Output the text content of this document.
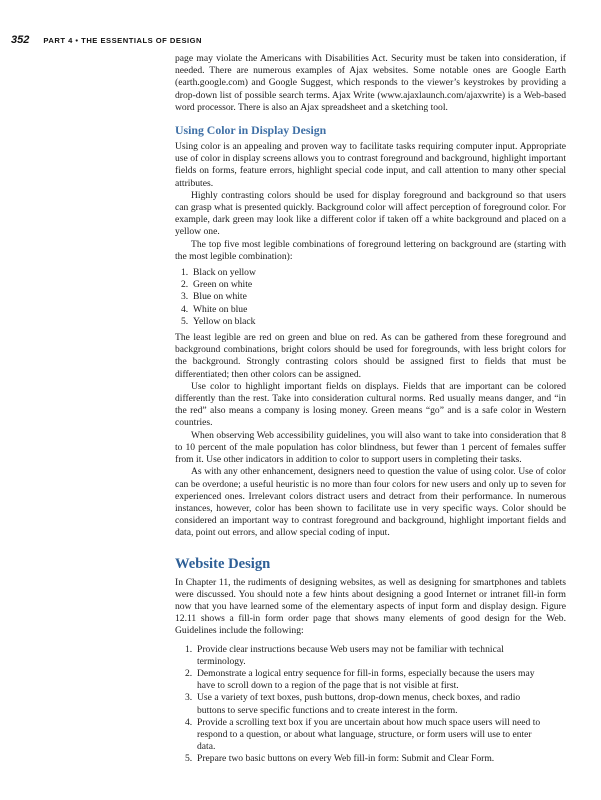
352 PART 4 • THE ESSENTIALS OF DESIGN

page may violate the Americans with Disabilities Act. Security must be taken into consideration, if needed. There are numerous examples of Ajax websites. Some notable ones are Google Earth (earth.google.com) and Google Suggest, which responds to the viewer’s keystrokes by providing a drop-down list of possible search terms. Ajax Write (www.ajaxlaunch.com/ajaxwrite) is a Web-based word processor. There is also an Ajax spreadsheet and a sketching tool.

Using Color in Display Design

Using color is an appealing and proven way to facilitate tasks requiring computer input. Appropriate use of color in display screens allows you to contrast foreground and background, highlight important fields on forms, feature errors, highlight special code input, and call attention to many other special attributes.

Highly contrasting colors should be used for display foreground and background so that users can grasp what is presented quickly. Background color will affect perception of foreground color. For example, dark green may look like a different color if taken off a white background and placed on a yellow one.

The top five most legible combinations of foreground lettering on background are (starting with the most legible combination):

1. Black on yellow
2. Green on white
3. Blue on white
4. White on blue
5. Yellow on black

The least legible are red on green and blue on red. As can be gathered from these foreground and background combinations, bright colors should be used for foregrounds, with less bright colors for the background. Strongly contrasting colors should be assigned first to fields that must be differentiated; then other colors can be assigned.

Use color to highlight important fields on displays. Fields that are important can be colored differently than the rest. Take into consideration cultural norms. Red usually means danger, and “in the red” also means a company is losing money. Green means “go” and is a safe color in Western countries.

When observing Web accessibility guidelines, you will also want to take into consideration that 8 to 10 percent of the male population has color blindness, but fewer than 1 percent of females suffer from it. Use other indicators in addition to color to support users in completing their tasks.

As with any other enhancement, designers need to question the value of using color. Use of color can be overdone; a useful heuristic is no more than four colors for new users and only up to seven for experienced ones. Irrelevant colors distract users and detract from their performance. In numerous instances, however, color has been shown to facilitate use in very specific ways. Color should be considered an important way to contrast foreground and background, highlight important fields and data, point out errors, and allow special coding of input.

Website Design

In Chapter 11, the rudiments of designing websites, as well as designing for smartphones and tablets were discussed. You should note a few hints about designing a good Internet or intranet fill-in form now that you have learned some of the elementary aspects of input form and display design. Figure 12.11 shows a fill-in form order page that shows many elements of good design for the Web. Guidelines include the following:

1. Provide clear instructions because Web users may not be familiar with technical terminology.
2. Demonstrate a logical entry sequence for fill-in forms, especially because the users may have to scroll down to a region of the page that is not visible at first.
3. Use a variety of text boxes, push buttons, drop-down menus, check boxes, and radio buttons to serve specific functions and to create interest in the form.
4. Provide a scrolling text box if you are uncertain about how much space users will need to respond to a question, or about what language, structure, or form users will use to enter data.
5. Prepare two basic buttons on every Web fill-in form: Submit and Clear Form.
